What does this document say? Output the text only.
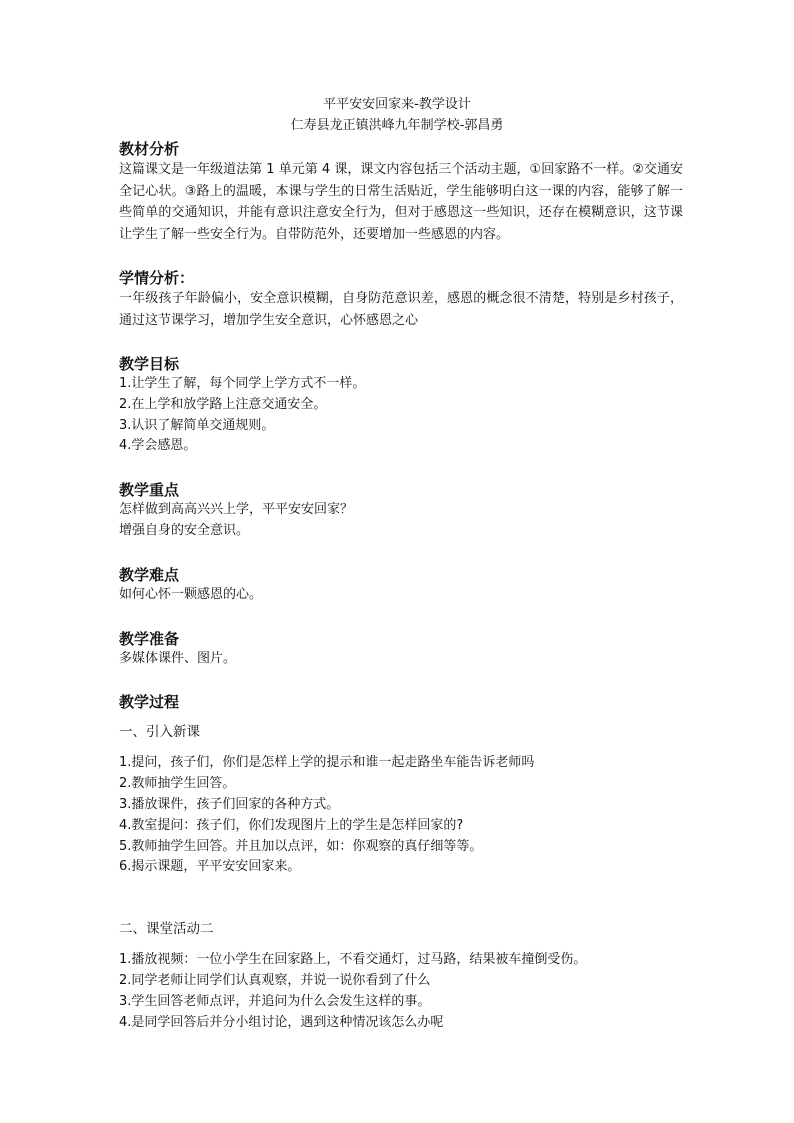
平平安安回家来-教学设计
仁寿县龙正镇洪峰九年制学校-郭昌勇

教材分析

这篇课文是一年级道法第 1 单元第 4 课，课文内容包括三个活动主题，①回家路不一样。②交通安全记心状。③路上的温暖，本课与学生的日常生活贴近，学生能够明白这一课的内容，能够了解一些简单的交通知识，并能有意识注意安全行为，但对于感恩这一些知识，还存在模糊意识，这节课让学生了解一些安全行为。自带防范外，还要增加一些感恩的内容。

学情分析：

一年级孩子年龄偏小，安全意识模糊，自身防范意识差，感恩的概念很不清楚，特别是乡村孩子，通过这节课学习，增加学生安全意识，心怀感恩之心

教学目标

1.让学生了解，每个同学上学方式不一样。

2.在上学和放学路上注意交通安全。

3.认识了解简单交通规则。

4.学会感恩。

教学重点

怎样做到高高兴兴上学，平平安安回家？

增强自身的安全意识。

教学难点

如何心怀一颗感恩的心。

教学准备

多媒体课件、图片。

教学过程

一、引入新课

1.提问，孩子们，你们是怎样上学的提示和谁一起走路坐车能告诉老师吗

2.教师抽学生回答。

3.播放课件，孩子们回家的各种方式。

4.教室提问：孩子们，你们发现图片上的学生是怎样回家的?

5.教师抽学生回答。并且加以点评，如：你观察的真仔细等等。

6.揭示课题，平平安安回家来。

二、课堂活动二

1.播放视频：一位小学生在回家路上，不看交通灯，过马路，结果被车撞倒受伤。

2.同学老师让同学们认真观察，并说一说你看到了什么

3.学生回答老师点评，并追问为什么会发生这样的事。

4.是同学回答后并分小组讨论，遇到这种情况该怎么办呢
